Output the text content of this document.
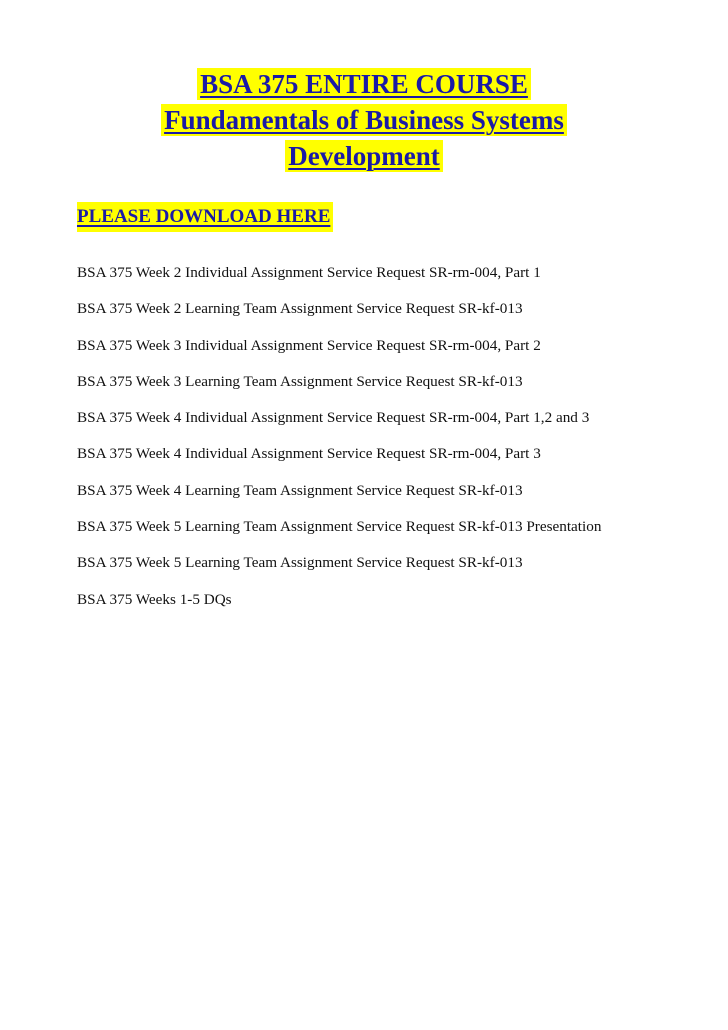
BSA 375 ENTIRE COURSE
Fundamentals of Business Systems
Development
PLEASE DOWNLOAD HERE
BSA 375 Week 2 Individual Assignment Service Request SR-rm-004, Part 1
BSA 375 Week 2 Learning Team Assignment Service Request SR-kf-013
BSA 375 Week 3 Individual Assignment Service Request SR-rm-004, Part 2
BSA 375 Week 3 Learning Team Assignment Service Request SR-kf-013
BSA 375 Week 4 Individual Assignment Service Request SR-rm-004, Part 1,2 and 3
BSA 375 Week 4 Individual Assignment Service Request SR-rm-004, Part 3
BSA 375 Week 4 Learning Team Assignment Service Request SR-kf-013
BSA 375 Week 5 Learning Team Assignment Service Request SR-kf-013 Presentation
BSA 375 Week 5 Learning Team Assignment Service Request SR-kf-013
BSA 375 Weeks 1-5 DQs
